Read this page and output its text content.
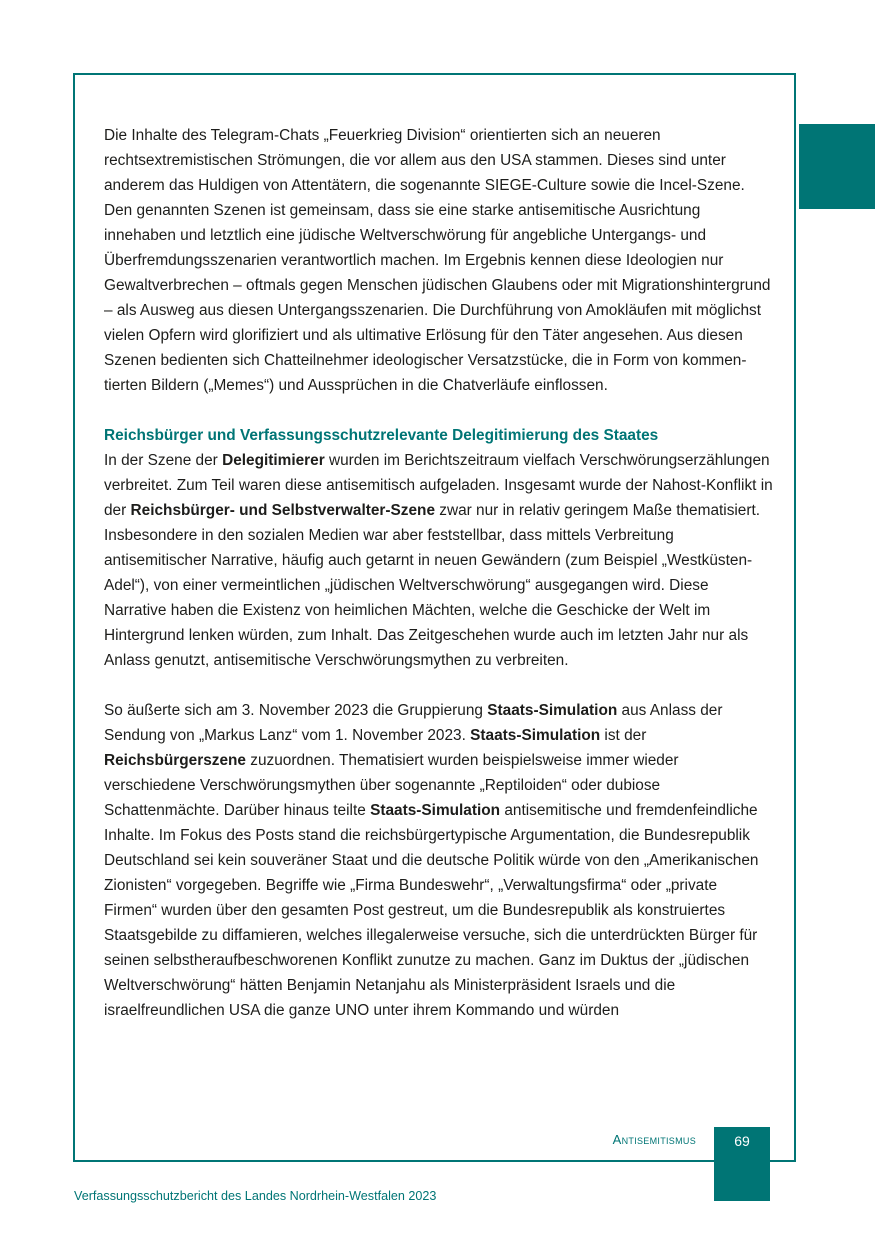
Die Inhalte des Telegram-Chats „Feuerkrieg Division“ orientierten sich an neueren rechtsextremistischen Strömungen, die vor allem aus den USA stammen. Dieses sind unter anderem das Huldigen von Attentätern, die sogenannte SIEGE-Culture sowie die Incel-Szene. Den genannten Szenen ist gemeinsam, dass sie eine starke antisemitische Ausrichtung innehaben und letztlich eine jüdische Weltverschwörung für angebliche Untergangs- und Überfremdungsszenarien verantwortlich machen. Im Ergebnis kennen diese Ideologien nur Gewaltverbrechen – oftmals gegen Menschen jüdischen Glaubens oder mit Migrationshintergrund – als Ausweg aus diesen Untergangsszenarien. Die Durchführung von Amokläufen mit möglichst vielen Opfern wird glorifiziert und als ultimative Erlösung für den Täter angesehen. Aus diesen Szenen bedienten sich Chatteilnehmer ideologischer Versatzstücke, die in Form von kommentierten Bildern („Memes“) und Aussprüchen in die Chatverläufe einflossen.

Reichsbürger und Verfassungsschutzrelevante Delegitimierung des Staates

In der Szene der Delegitimierer wurden im Berichtszeitraum vielfach Verschwörungserzählungen verbreitet. Zum Teil waren diese antisemitisch aufgeladen. Insgesamt wurde der Nahost-Konflikt in der Reichsbürger- und Selbstverwalter-Szene zwar nur in relativ geringem Maße thematisiert. Insbesondere in den sozialen Medien war aber feststellbar, dass mittels Verbreitung antisemitischer Narrative, häufig auch getarnt in neuen Gewändern (zum Beispiel „Westküsten-Adel“), von einer vermeintlichen „jüdischen Weltverschwörung“ ausgegangen wird. Diese Narrative haben die Existenz von heimlichen Mächten, welche die Geschicke der Welt im Hintergrund lenken würden, zum Inhalt. Das Zeitgeschehen wurde auch im letzten Jahr nur als Anlass genutzt, antisemitische Verschwörungsmythen zu verbreiten.

So äußerte sich am 3. November 2023 die Gruppierung Staats-Simulation aus Anlass der Sendung von „Markus Lanz“ vom 1. November 2023. Staats-Simulation ist der Reichsbürgerszene zuzuordnen. Thematisiert wurden beispielsweise immer wieder verschiedene Verschwörungsmythen über sogenannte „Reptiloiden“ oder dubiose Schattenmächte. Darüber hinaus teilte Staats-Simulation antisemitische und fremdenfeindliche Inhalte. Im Fokus des Posts stand die reichsbürgertypische Argumentation, die Bundesrepublik Deutschland sei kein souveräner Staat und die deutsche Politik würde von den „Amerikanischen Zionisten“ vorgegeben. Begriffe wie „Firma Bundeswehr“, „Verwaltungsfirma“ oder „private Firmen“ wurden über den gesamten Post gestreut, um die Bundesrepublik als konstruiertes Staatsgebilde zu diffamieren, welches illegalerweise versuche, sich die unterdrückten Bürger für seinen selbstheraufbeschworenen Konflikt zunutze zu machen. Ganz im Duktus der „jüdischen Weltverschwörung“ hätten Benjamin Netanjahu als Ministerpräsident Israels und die israelfreundlichen USA die ganze UNO unter ihrem Kommando und würden

Antisemitismus	69
Verfassungsschutzbericht des Landes Nordrhein-Westfalen 2023
